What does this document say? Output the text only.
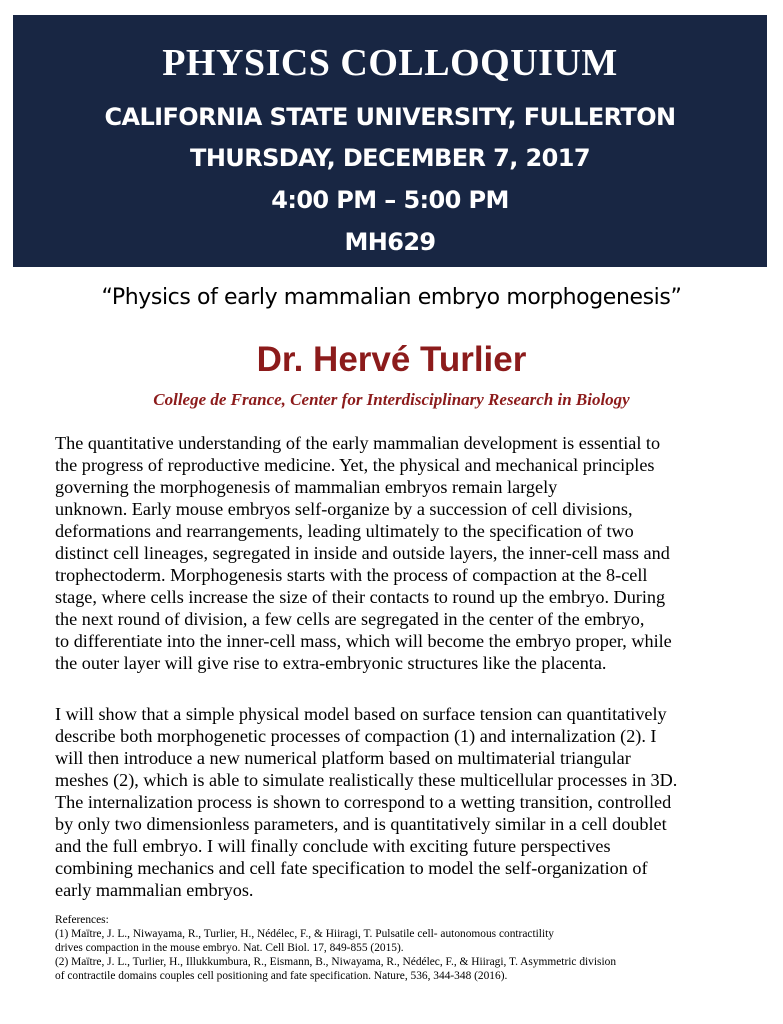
PHYSICS COLLOQUIUM
CALIFORNIA STATE UNIVERSITY, FULLERTON
THURSDAY, DECEMBER 7, 2017
4:00 PM – 5:00 PM
MH629
“Physics of early mammalian embryo morphogenesis”
Dr. Hervé Turlier
College de France, Center for Interdisciplinary Research in Biology
The quantitative understanding of the early mammalian development is essential to
the progress of reproductive medicine. Yet, the physical and mechanical principles
governing the morphogenesis of mammalian embryos remain largely
unknown. Early mouse embryos self-organize by a succession of cell divisions,
deformations and rearrangements, leading ultimately to the specification of two
distinct cell lineages, segregated in inside and outside layers, the inner-cell mass and
trophectoderm. Morphogenesis starts with the process of compaction at the 8-cell
stage, where cells increase the size of their contacts to round up the embryo. During
the next round of division, a few cells are segregated in the center of the embryo,
to differentiate into the inner-cell mass, which will become the embryo proper, while
the outer layer will give rise to extra-embryonic structures like the placenta.
I will show that a simple physical model based on surface tension can quantitatively
describe both morphogenetic processes of compaction (1) and internalization (2). I
will then introduce a new numerical platform based on multimaterial triangular
meshes (2), which is able to simulate realistically these multicellular processes in 3D.
The internalization process is shown to correspond to a wetting transition, controlled
by only two dimensionless parameters, and is quantitatively similar in a cell doublet
and the full embryo. I will finally conclude with exciting future perspectives
combining mechanics and cell fate specification to model the self-organization of
early mammalian embryos.
References:
(1) Maïtre, J. L., Niwayama, R., Turlier, H., Nédélec, F., & Hiiragi, T. Pulsatile cell- autonomous contractility
drives compaction in the mouse embryo. Nat. Cell Biol. 17, 849-855 (2015).
(2) Maïtre, J. L., Turlier, H., Illukkumbura, R., Eismann, B., Niwayama, R., Nédélec, F., & Hiiragi, T. Asymmetric division
of contractile domains couples cell positioning and fate specification. Nature, 536, 344-348 (2016).
